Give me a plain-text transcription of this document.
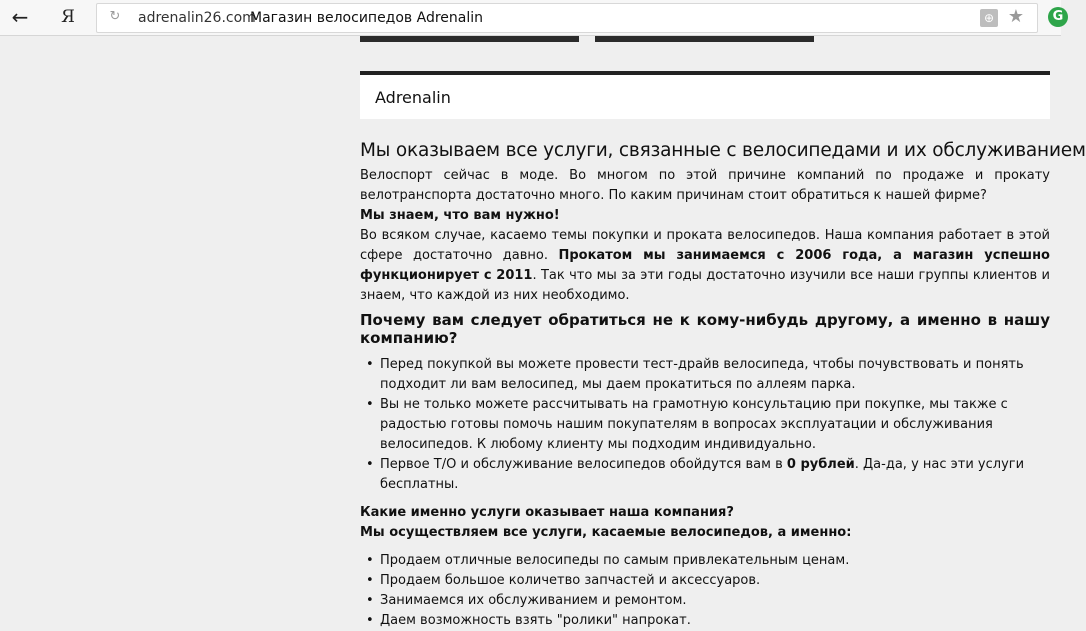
← Я	↻ adrenalin26.com
Магазин велосипедов Adrenalin	⊕ ★	G
Adrenalin
Мы оказываем все услуги, связанные с велосипедами и их обслуживанием

Велоспорт сейчас в моде. Во многом по этой причине компаний по продаже и прокату велотранспорта достаточно много. По каким причинам стоит обратиться к нашей фирме?

Мы знаем, что вам нужно!

Во всяком случае, касаемо темы покупки и проката велосипедов. Наша компания работает в этой сфере достаточно давно. Прокатом мы занимаемся с 2006 года, а магазин успешно функционирует с 2011. Так что мы за эти годы достаточно изучили все наши группы клиентов и знаем, что каждой из них необходимо.

Почему вам следует обратиться не к кому-нибудь другому, а именно в нашу компанию?
• Перед покупкой вы можете провести тест-драйв велосипеда, чтобы почувствовать и понять подходит ли вам велосипед, мы даем прокатиться по аллеям парка.
• Вы не только можете рассчитывать на грамотную консультацию при покупке, мы также с радостью готовы помочь нашим покупателям в вопросах эксплуатации и обслуживания велосипедов. К любому клиенту мы подходим индивидуально.
• Первое Т/О и обслуживание велосипедов обойдутся вам в 0 рублей. Да-да, у нас эти услуги бесплатны.

Какие именно услуги оказывает наша компания?

Мы осуществляем все услуги, касаемые велосипедов, а именно:

• Продаем отличные велосипеды по самым привлекательным ценам.
• Продаем большое количетво запчастей и аксессуаров.
• Занимаемся их обслуживанием и ремонтом.
• Даем возможность взять "ролики" напрокат.
